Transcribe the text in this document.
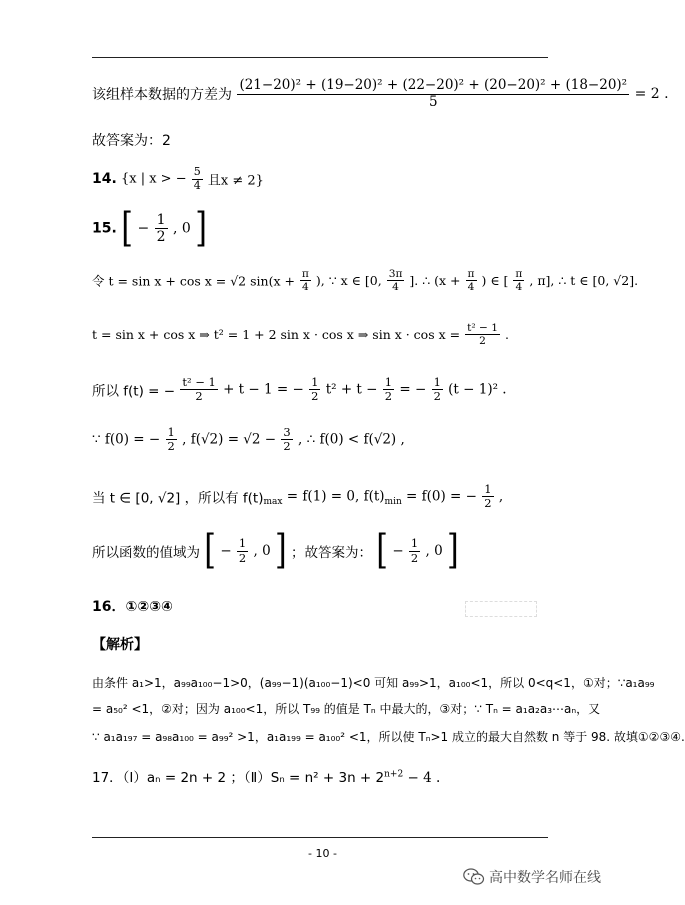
该组样本数据的方差为 $\frac{\text{(21−20)² + (19−20)² + (22−20)² + (20−20)² + (18−20)²}}{5} = 2$ .
故答案为：2
14. {x | x > − $\frac{5}{4}$ 且x ≠ 2}
15. [ − $\frac{1}{2}$ , 0 ]
令 t = sin x + cos x = √2 $\sin(x + \frac{\pi}{4}$ ), ∵ x ∈ [0, $\frac{3\pi}{4}$ ]. ∴ ($x + \frac{\pi}{4}$ ) ∈ [ $\frac{\pi}{4}$ , π], ∴ t ∈ [0, √2].
t = sin x + cos x ⇒ t² = 1 + 2 sin x · cos x ⇒ $\sin x \cdot \cos x = \frac{\text{t² − 1}}{2}$ .
所以 f(t) = − $\frac{\text{t² − 1}}{2} + t - 1$ = − $\frac{1}{2} t^2 + t - \frac{1}{2}$ = − $\frac{1}{2} (t - 1)^2$ .
∵ f(0) = − $\frac{1}{2}$ , $f(√2) = √2 - \frac{3}{2}$ , ∴ f(0) < f(√2) ,
当 t ∈ [0, √2] ，所以有 $f(t)_{max} = f(1) = 0$, $f(t)_{min} = f(0)$ = − $\frac{1}{2}$ ,
所以函数的值域为 [ − $\frac{1}{2}$ , 0 ] ；故答案为： [ − $\frac{1}{2}$ , 0 ]
16．①②③④
【解析】
由条件 a₁>1，a₉₉a₁₀₀−1>0，(a₉₉−1)(a₁₀₀−1)<0 可知 a₉₉>1，a₁₀₀<1，所以 0<q<1，①对；∵a₁a₉₉
= a₅₀² <1，②对；因为 a₁₀₀<1，所以 T₉₉ 的值是 Tₙ 中最大的，③对；∵ Tₙ = a₁a₂a₃⋯aₙ，又
∵ a₁a₁₉₇ = a₉₈a₁₀₀ = a₉₉² >1，a₁a₁₉₉ = a₁₀₀² <1，所以使 Tₙ>1 成立的最大自然数 n 等于 98. 故填①②③④.
17．（Ⅰ）aₙ = 2n + 2 ；（Ⅱ）Sₙ = $n^2 + 3n + 2^{n+2} - 4$ .
- 10 -
高中数学名师在线
